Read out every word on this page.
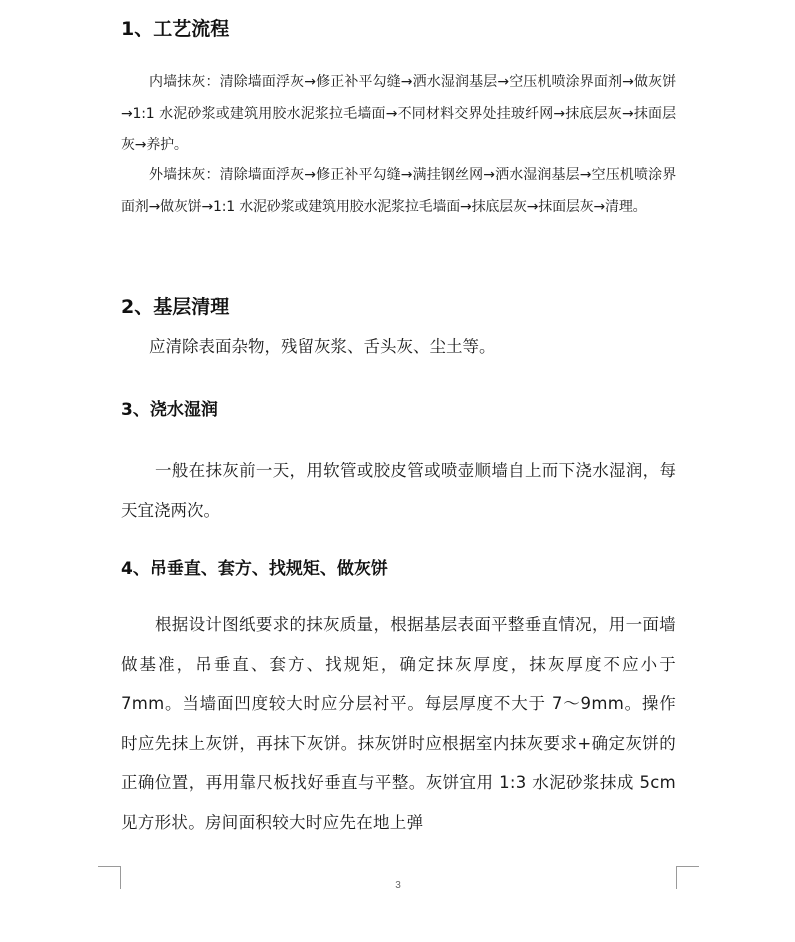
1、工艺流程

内墙抹灰：清除墙面浮灰→修正补平勾缝→洒水湿润基层→空压机喷涂界面剂→做灰饼→1:1 水泥砂浆或建筑用胶水泥浆拉毛墙面→不同材料交界处挂玻纤网→抹底层灰→抹面层灰→养护。

外墙抹灰：清除墙面浮灰→修正补平勾缝→满挂钢丝网→洒水湿润基层→空压机喷涂界面剂→做灰饼→1:1 水泥砂浆或建筑用胶水泥浆拉毛墙面→抹底层灰→抹面层灰→清理。

2、基层清理

应清除表面杂物，残留灰浆、舌头灰、尘土等。

3、浇水湿润

一般在抹灰前一天，用软管或胶皮管或喷壶顺墙自上而下浇水湿润，每天宜浇两次。

4、吊垂直、套方、找规矩、做灰饼

根据设计图纸要求的抹灰质量，根据基层表面平整垂直情况，用一面墙做基准，吊垂直、套方、找规矩，确定抹灰厚度，抹灰厚度不应小于 7mm。当墙面凹度较大时应分层衬平。每层厚度不大于 7～9mm。操作时应先抹上灰饼，再抹下灰饼。抹灰饼时应根据室内抹灰要求+确定灰饼的正确位置，再用靠尺板找好垂直与平整。灰饼宜用 1:3 水泥砂浆抹成 5cm 见方形状。房间面积较大时应先在地上弹

3
